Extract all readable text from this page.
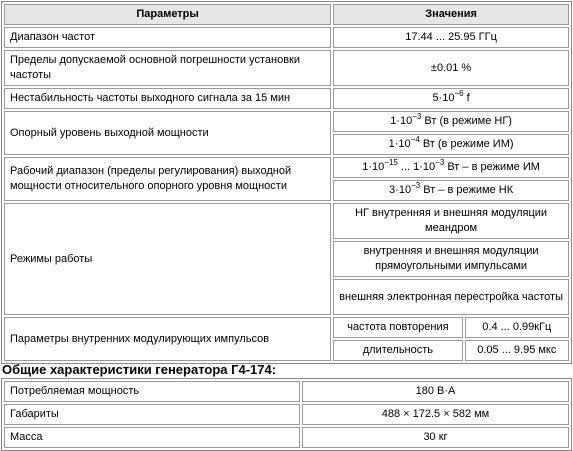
Параметры	Значения	
Диапазон частот	17.44 ... 25.95 ГГц	
Пределы допускаемой основной погрешности установки частоты	±0.01 %	
Нестабильность частоты выходного сигнала за 15 мин	$5\cdot 10^{-6}$ f	
Опорный уровень выходной мощности	$1\cdot 10^{-3}$ Вт (в режиме НГ)	
	$1\cdot 10^{-4}$ Вт (в режиме ИМ)	
Рабочий диапазон (пределы регулирования) выходной мощности относительного опорного уровня мощности	$1\cdot 10^{-15}$ ... $1\cdot 10^{-3}$ Вт – в режиме ИМ	
	$3\cdot 10^{-3}$ Вт – в режиме НК	
Режимы работы	НГ внутренняя и внешняя модуляции меандром	
	внутренняя и внешняя модуляции прямоугольными импульсами	
	внешняя электронная перестройка частоты	
Параметры внутренних модулирующих импульсов	частота повторения	0.4 ... 0.99кГц
	длительность	0.05 ... 9.95 мкс
Общие характеристики генератора Г4-174:
Потребляемая мощность	180 В·А
Габариты	488 × 172.5 × 582 мм
Масса	30 кг
